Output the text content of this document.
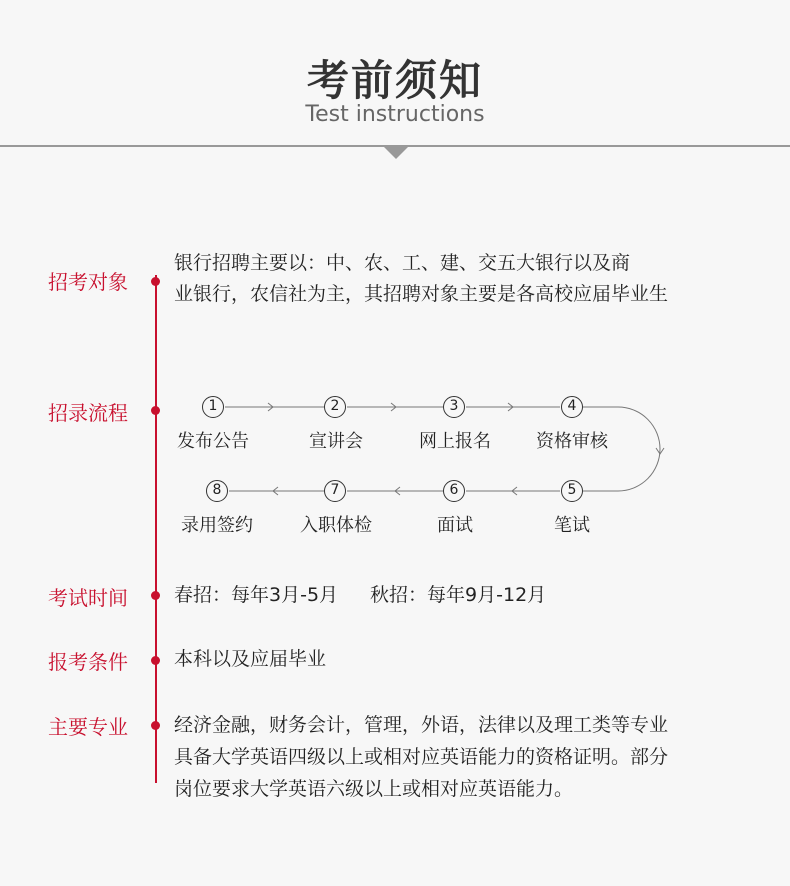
考前须知
Test instructions
招考对象
银行招聘主要以：中、农、工、建、交五大银行以及商
业银行，农信社为主，其招聘对象主要是各高校应届毕业生
招录流程	1	2	3	4
5
6
7
8
发布公告	宣讲会	网上报名	资格审核
笔试
面试
入职体检
录用签约
考试时间 春招：每年3月-5月 秋招：每年9月-12月
报考条件 本科以及应届毕业
主要专业 经济金融，财务会计，管理，外语，法律以及理工类等专业
具备大学英语四级以上或相对应英语能力的资格证明。部分
岗位要求大学英语六级以上或相对应英语能力。
